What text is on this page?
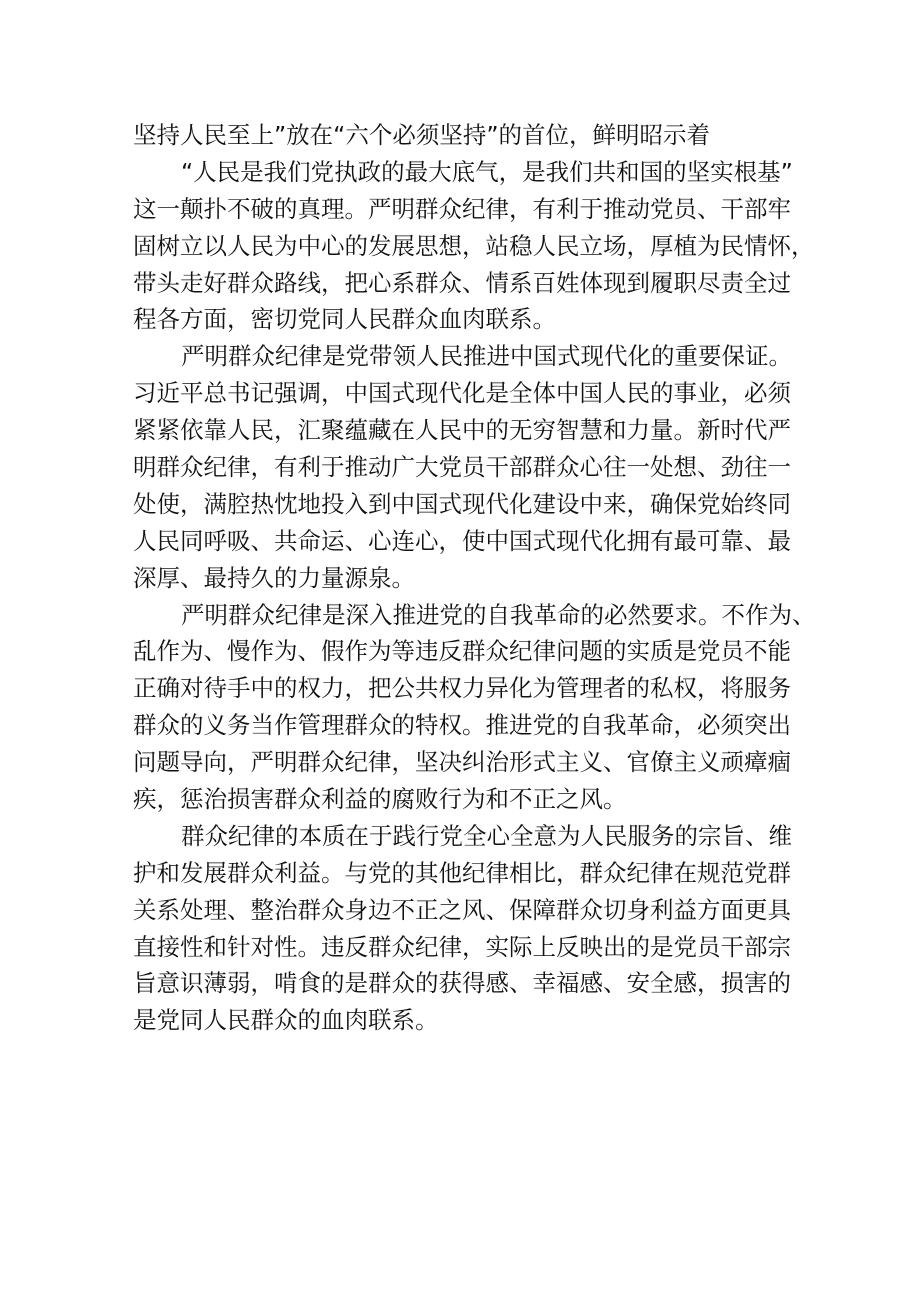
坚持人民至上”放在“六个必须坚持”的首位，鲜明昭示着
“人民是我们党执政的最大底气，是我们共和国的坚实根基”
这一颠扑不破的真理。严明群众纪律，有利于推动党员、干部牢
固树立以人民为中心的发展思想，站稳人民立场，厚植为民情怀，
带头走好群众路线，把心系群众、情系百姓体现到履职尽责全过
程各方面，密切党同人民群众血肉联系。
严明群众纪律是党带领人民推进中国式现代化的重要保证。
习近平总书记强调，中国式现代化是全体中国人民的事业，必须
紧紧依靠人民，汇聚蕴藏在人民中的无穷智慧和力量。新时代严
明群众纪律，有利于推动广大党员干部群众心往一处想、劲往一
处使，满腔热忱地投入到中国式现代化建设中来，确保党始终同
人民同呼吸、共命运、心连心，使中国式现代化拥有最可靠、最
深厚、最持久的力量源泉。
严明群众纪律是深入推进党的自我革命的必然要求。不作为、
乱作为、慢作为、假作为等违反群众纪律问题的实质是党员不能
正确对待手中的权力，把公共权力异化为管理者的私权，将服务
群众的义务当作管理群众的特权。推进党的自我革命，必须突出
问题导向，严明群众纪律，坚决纠治形式主义、官僚主义顽瘴痼
疾，惩治损害群众利益的腐败行为和不正之风。
群众纪律的本质在于践行党全心全意为人民服务的宗旨、维
护和发展群众利益。与党的其他纪律相比，群众纪律在规范党群
关系处理、整治群众身边不正之风、保障群众切身利益方面更具
直接性和针对性。违反群众纪律，实际上反映出的是党员干部宗
旨意识薄弱，啃食的是群众的获得感、幸福感、安全感，损害的
是党同人民群众的血肉联系。
